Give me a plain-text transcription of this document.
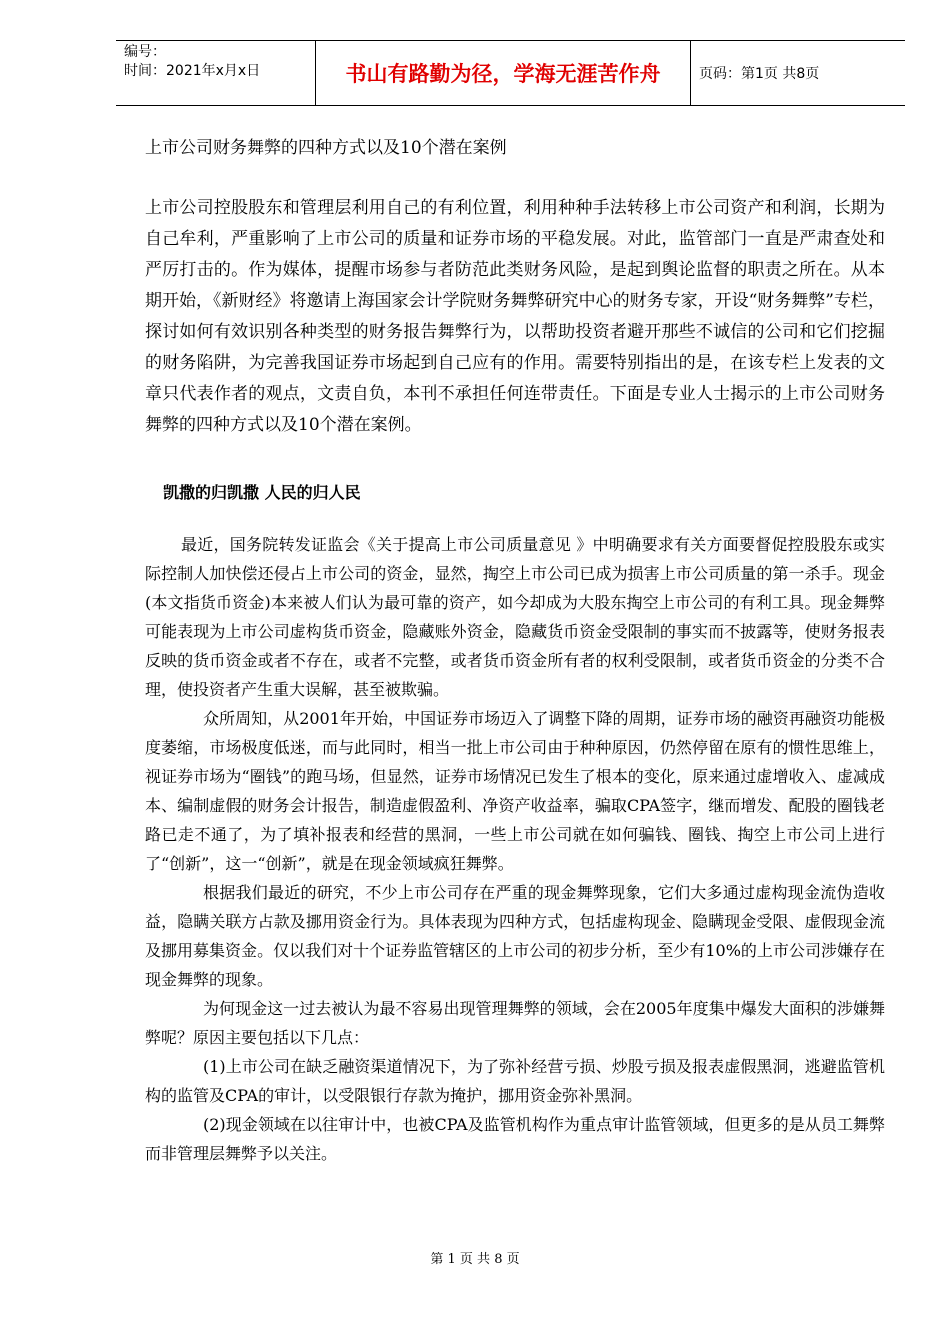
编号：
时间：2021年x月x日	书山有路勤为径，学海无涯苦作舟	页码：第1页 共8页
上市公司财务舞弊的四种方式以及10个潜在案例

上市公司控股股东和管理层利用自己的有利位置，利用种种手法转移上市公司资产和利润，长期为自己牟利，严重影响了上市公司的质量和证券市场的平稳发展。对此，监管部门一直是严肃查处和严厉打击的。作为媒体，提醒市场参与者防范此类财务风险，是起到舆论监督的职责之所在。从本期开始，《新财经》将邀请上海国家会计学院财务舞弊研究中心的财务专家，开设“财务舞弊”专栏，探讨如何有效识别各种类型的财务报告舞弊行为，以帮助投资者避开那些不诚信的公司和它们挖掘的财务陷阱，为完善我国证券市场起到自己应有的作用。需要特别指出的是，在该专栏上发表的文章只代表作者的观点，文责自负，本刊不承担任何连带责任。下面是专业人士揭示的上市公司财务舞弊的四种方式以及10个潜在案例。

凯撒的归凯撒 人民的归人民

最近，国务院转发证监会《关于提高上市公司质量意见 》中明确要求有关方面要督促控股股东或实际控制人加快偿还侵占上市公司的资金，显然，掏空上市公司已成为损害上市公司质量的第一杀手。现金(本文指货币资金)本来被人们认为最可靠的资产，如今却成为大股东掏空上市公司的有利工具。现金舞弊可能表现为上市公司虚构货币资金，隐藏账外资金，隐藏货币资金受限制的事实而不披露等，使财务报表反映的货币资金或者不存在，或者不完整，或者货币资金所有者的权利受限制，或者货币资金的分类不合理，使投资者产生重大误解，甚至被欺骗。

众所周知，从2001年开始，中国证券市场迈入了调整下降的周期，证券市场的融资再融资功能极度萎缩，市场极度低迷，而与此同时，相当一批上市公司由于种种原因，仍然停留在原有的惯性思维上，视证券市场为“圈钱”的跑马场，但显然，证券市场情况已发生了根本的变化，原来通过虚增收入、虚减成本、编制虚假的财务会计报告，制造虚假盈利、净资产收益率，骗取CPA签字，继而增发、配股的圈钱老路已走不通了，为了填补报表和经营的黑洞，一些上市公司就在如何骗钱、圈钱、掏空上市公司上进行了“创新”，这一“创新”，就是在现金领域疯狂舞弊。

根据我们最近的研究，不少上市公司存在严重的现金舞弊现象，它们大多通过虚构现金流伪造收益，隐瞒关联方占款及挪用资金行为。具体表现为四种方式，包括虚构现金、隐瞒现金受限、虚假现金流及挪用募集资金。仅以我们对十个证券监管辖区的上市公司的初步分析，至少有10%的上市公司涉嫌存在现金舞弊的现象。

为何现金这一过去被认为最不容易出现管理舞弊的领域，会在2005年度集中爆发大面积的涉嫌舞弊呢？原因主要包括以下几点：

(1)上市公司在缺乏融资渠道情况下，为了弥补经营亏损、炒股亏损及报表虚假黑洞，逃避监管机构的监管及CPA的审计，以受限银行存款为掩护，挪用资金弥补黑洞。

(2)现金领域在以往审计中，也被CPA及监管机构作为重点审计监管领域，但更多的是从员工舞弊而非管理层舞弊予以关注。

第 1 页 共 8 页
